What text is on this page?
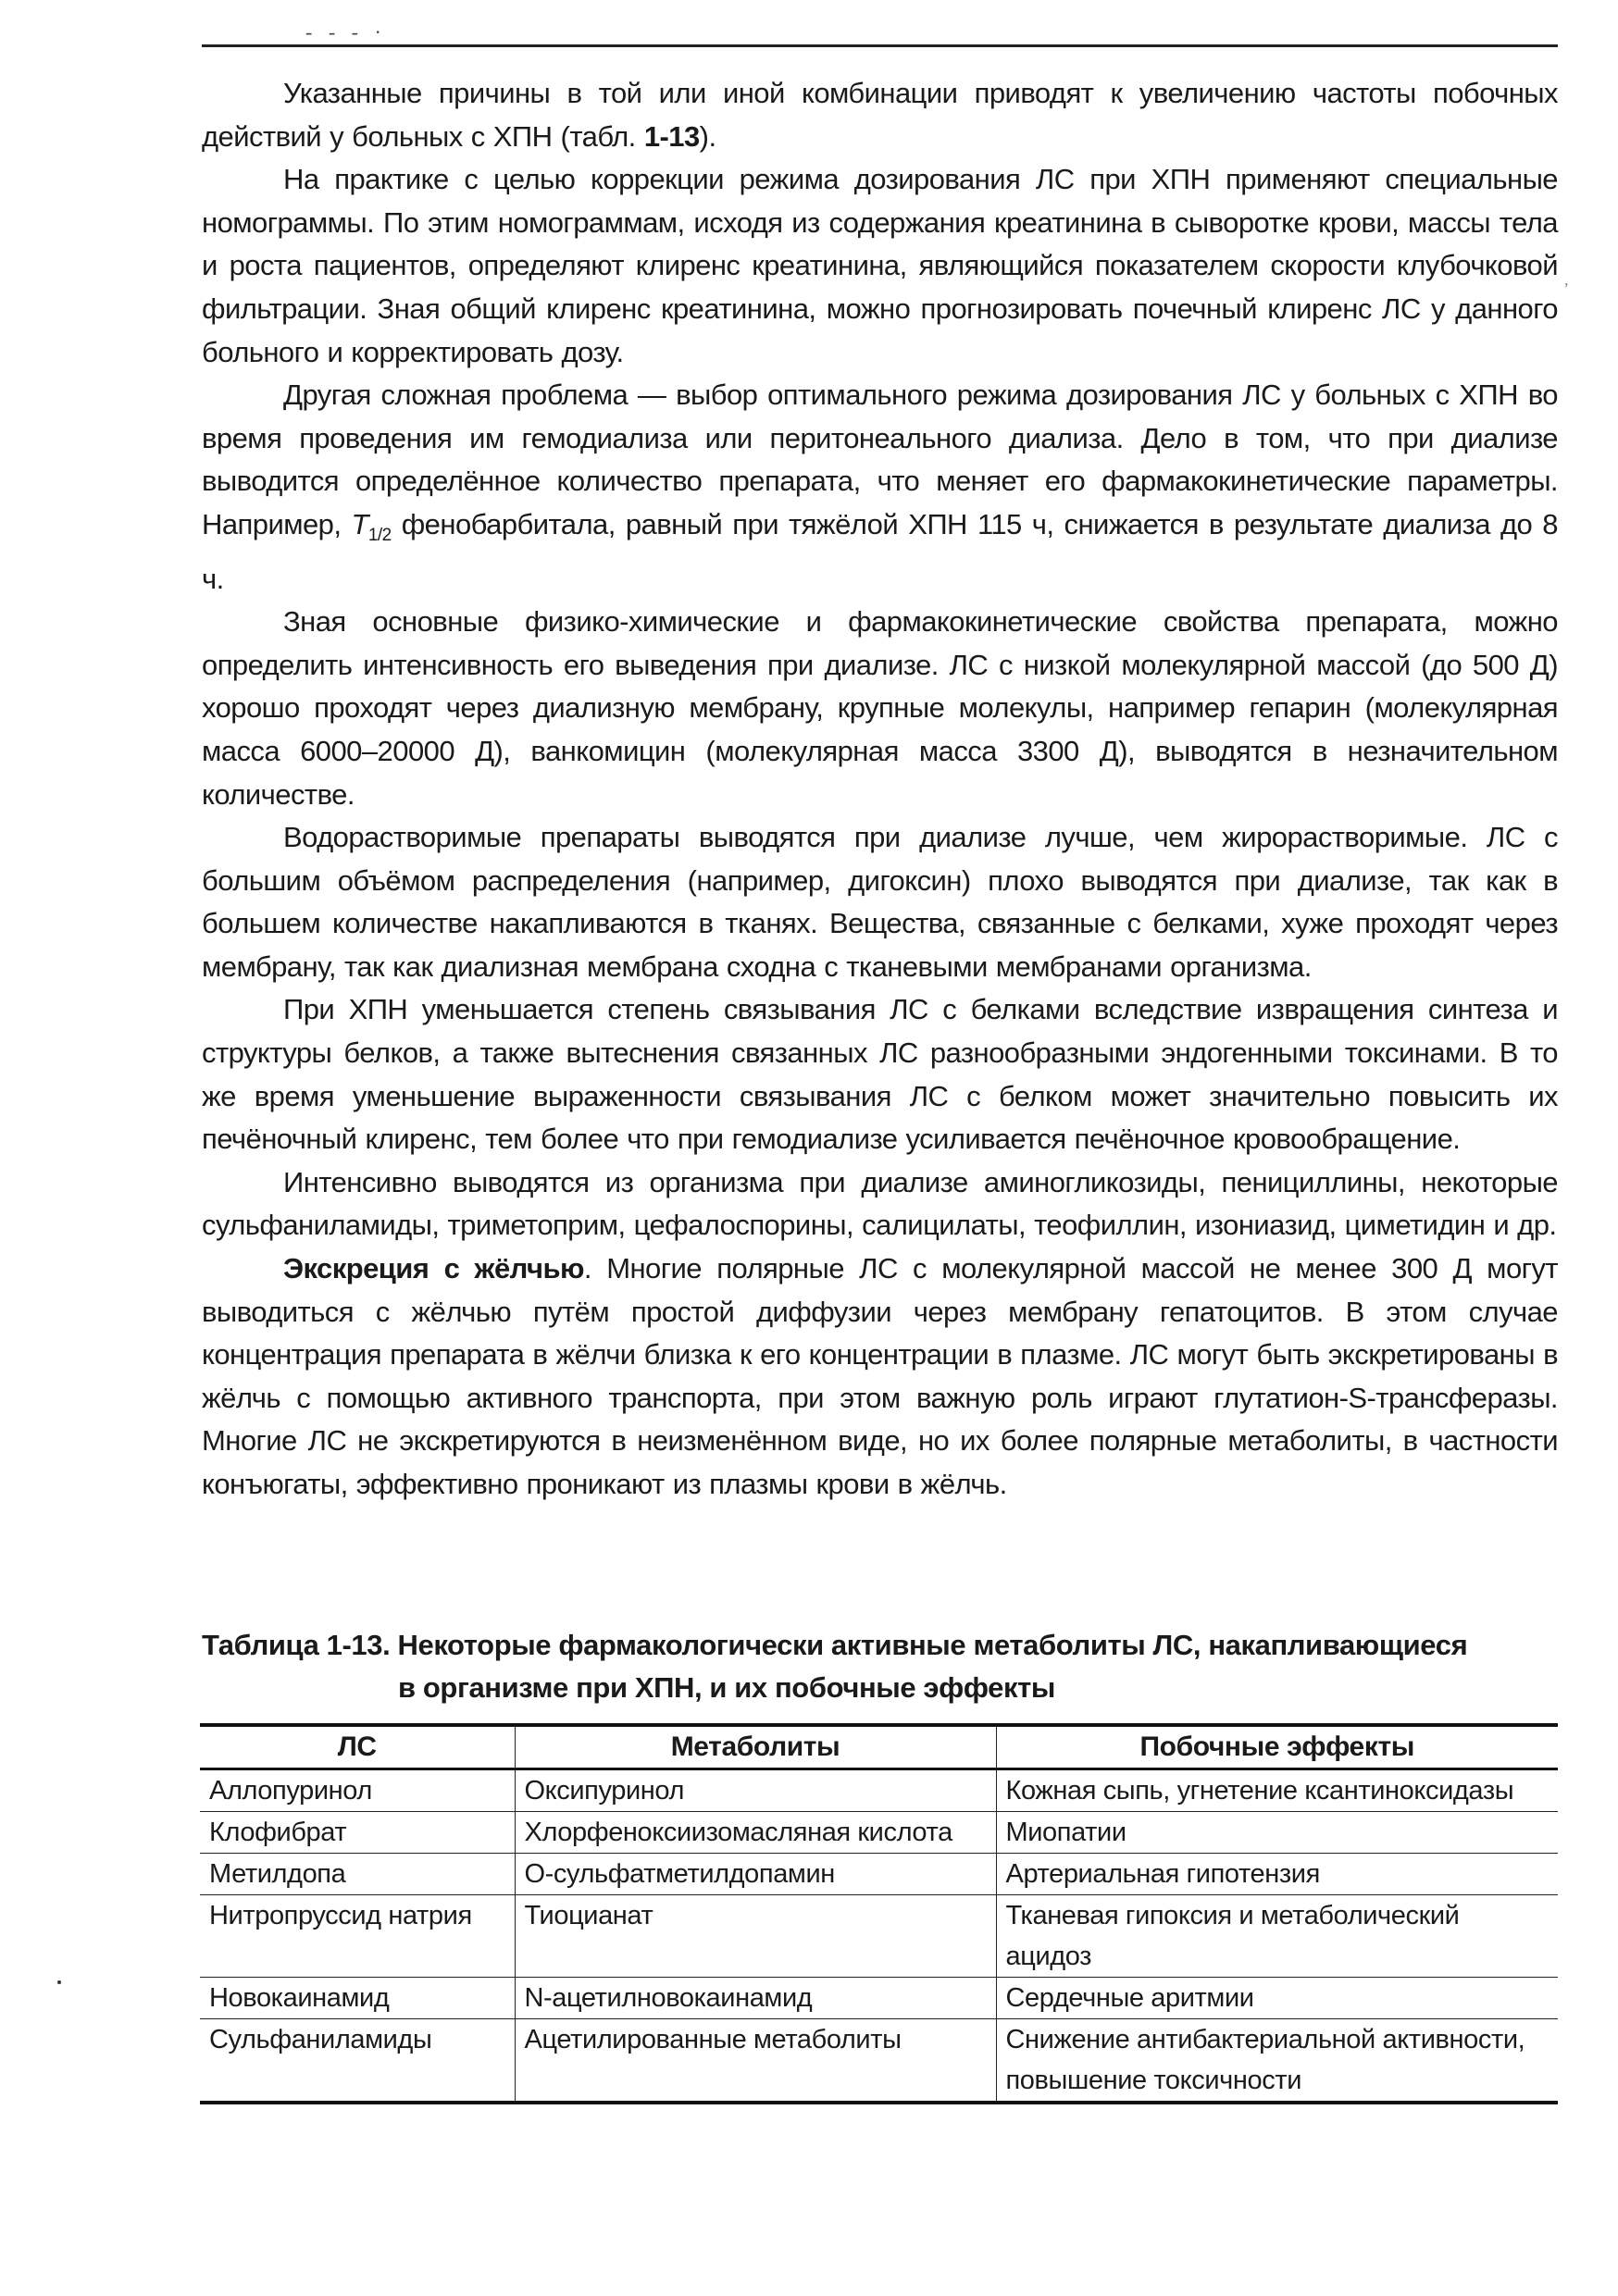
- - - ·
,

Указанные причины в той или иной комбинации приводят к увеличению частоты побочных действий у больных с ХПН (табл. 1-13).

На практике с целью коррекции режима дозирования ЛС при ХПН применяют специальные номограммы. По этим номограммам, исходя из содержания креатинина в сыворотке крови, массы тела и роста пациентов, определяют клиренс креатинина, являющийся показателем скорости клубочковой фильтрации. Зная общий клиренс креатинина, можно прогнозировать почечный клиренс ЛС у данного больного и корректировать дозу.

Другая сложная проблема — выбор оптимального режима дозирования ЛС у больных с ХПН во время проведения им гемодиализа или перитонеального диализа. Дело в том, что при диализе выводится определённое количество препарата, что меняет его фармакокинетические параметры. Например, $T_{1/2}$ фенобарбитала, равный при тяжёлой ХПН 115 ч, снижается в результате диализа до 8 ч.

Зная основные физико-химические и фармакокинетические свойства препарата, можно определить интенсивность его выведения при диализе. ЛС с низкой молекулярной массой (до 500 Д) хорошо проходят через диализную мембрану, крупные молекулы, например гепарин (молекулярная масса 6000–20000 Д), ванкомицин (молекулярная масса 3300 Д), выводятся в незначительном количестве.

Водорастворимые препараты выводятся при диализе лучше, чем жирорастворимые. ЛС с большим объёмом распределения (например, дигоксин) плохо выводятся при диализе, так как в большем количестве накапливаются в тканях. Вещества, связанные с белками, хуже проходят через мембрану, так как диализная мембрана сходна с тканевыми мембранами организма.

При ХПН уменьшается степень связывания ЛС с белками вследствие извращения синтеза и структуры белков, а также вытеснения связанных ЛС разнообразными эндогенными токсинами. В то же время уменьшение выраженности связывания ЛС с белком может значительно повысить их печёночный клиренс, тем более что при гемодиализе усиливается печёночное кровообращение.

Интенсивно выводятся из организма при диализе аминогликозиды, пенициллины, некоторые сульфаниламиды, триметоприм, цефалоспорины, салицилаты, теофиллин, изониазид, циметидин и др.

Экскреция с жёлчью. Многие полярные ЛС с молекулярной массой не менее 300 Д могут выводиться с жёлчью путём простой диффузии через мембрану гепатоцитов. В этом случае концентрация препарата в жёлчи близка к его концентрации в плазме. ЛС могут быть экскретированы в жёлчь с помощью активного транспорта, при этом важную роль играют глутатион-S-трансферазы. Многие ЛС не экскретируются в неизменённом виде, но их более полярные метаболиты, в частности конъюгаты, эффективно проникают из плазмы крови в жёлчь.

Таблица 1-13. Некоторые фармакологически активные метаболиты ЛС, накапливающиеся
в организме при ХПН, и их побочные эффекты
ЛС	Метаболиты	Побочные эффекты
Аллопуринол	Оксипуринол	Кожная сыпь, угнетение ксантиноксидазы
Клофибрат	Хлорфеноксиизомасляная кислота	Миопатии
Метилдопа	О-сульфатметилдопамин	Артериальная гипотензия
Нитропруссид натрия	Тиоцианат	Тканевая гипоксия и метаболический ацидоз
Новокаинамид	N-ацетилновокаинамид	Сердечные аритмии
Сульфаниламиды	Ацетилированные метаболиты	Снижение антибактериальной активности, повышение токсичности
